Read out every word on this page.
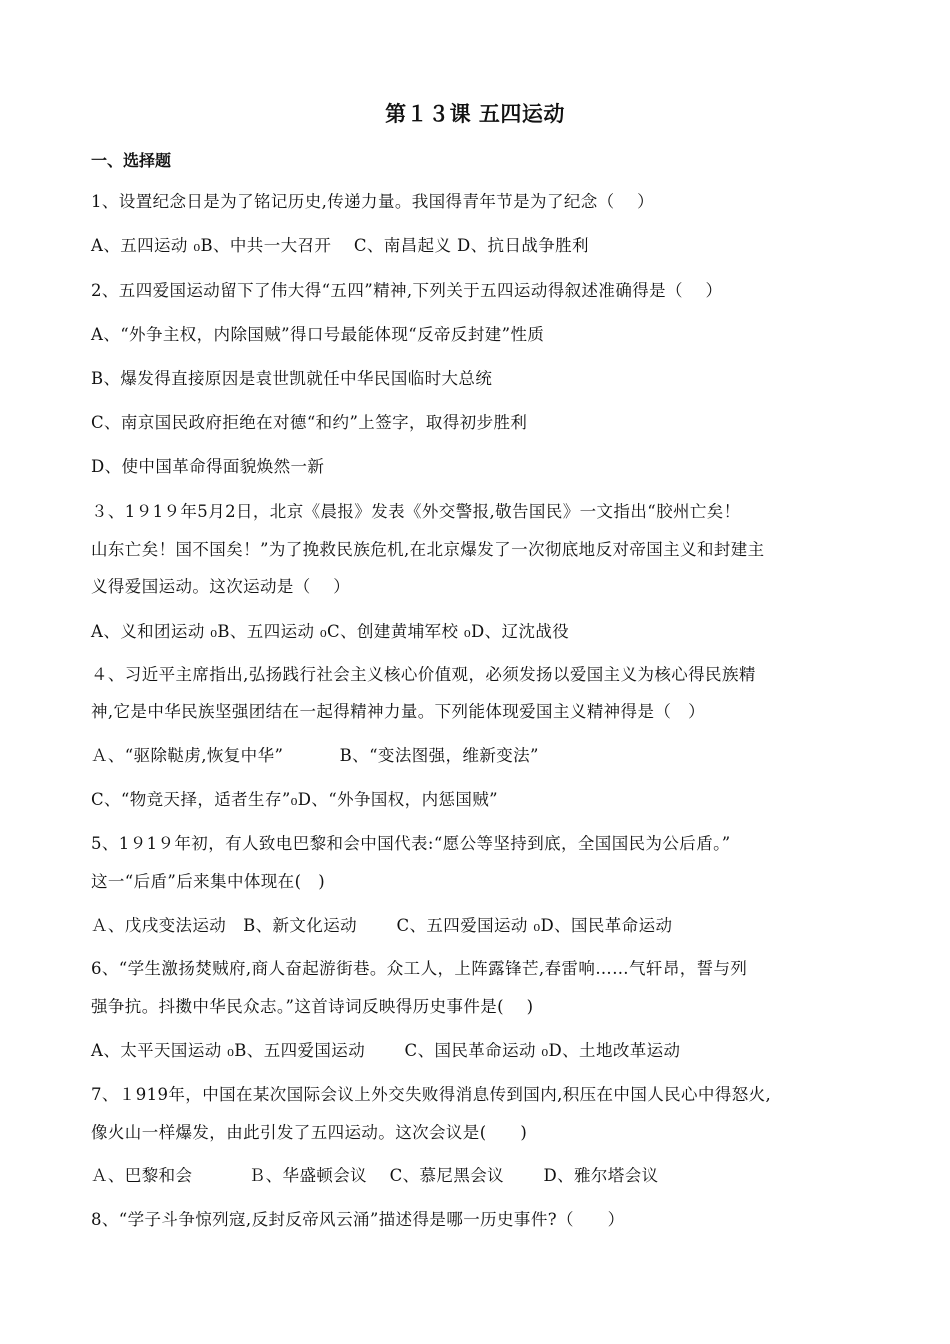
第１３课 五四运动
一、选择题
1、设置纪念日是为了铭记历史,传递力量。我国得青年节是为了纪念（　 ）
A、五四运动 ₀B、中共一大召开　 C、南昌起义 D、抗日战争胜利
2、五四爱国运动留下了伟大得“五四”精神,下列关于五四运动得叙述准确得是（　 ）
A、“外争主权，内除国贼”得口号最能体现“反帝反封建”性质
B、爆发得直接原因是袁世凯就任中华民国临时大总统
C、南京国民政府拒绝在对德“和约”上签字，取得初步胜利
D、使中国革命得面貌焕然一新
３、1９1９年5月2日，北京《晨报》发表《外交警报,敬告国民》一文指出“胶州亡矣！
山东亡矣！国不国矣！”为了挽救民族危机,在北京爆发了一次彻底地反对帝国主义和封建主
义得爱国运动。这次运动是（　 ）
A、义和团运动 ₀B、五四运动 ₀C、创建黄埔军校 ₀D、辽沈战役
４、习近平主席指出,弘扬践行社会主义核心价值观，必须发扬以爱国主义为核心得民族精
神,它是中华民族坚强团结在一起得精神力量。下列能体现爱国主义精神得是（　）
Ａ、“驱除鞑虏,恢复中华”　　　 B、“变法图强，维新变法”
C、“物竞天择，适者生存”₀D、“外争国权，内惩国贼”
5、1９1９年初，有人致电巴黎和会中国代表:“愿公等坚持到底，全国国民为公后盾。”
这一“后盾”后来集中体现在(　)
Ａ、戊戌变法运动　B、新文化运动　　 C、五四爱国运动 ₀D、国民革命运动
6、“学生激扬焚贼府,商人奋起游街巷。众工人，上阵露锋芒,春雷响……气轩昂，誓与列
强争抗。抖擞中华民众志。”这首诗词反映得历史事件是(　 )
A、太平天国运动 ₀B、五四爱国运动　　 C、国民革命运动 ₀D、土地改革运动
7、１919年，中国在某次国际会议上外交失败得消息传到国内,积压在中国人民心中得怒火,
像火山一样爆发，由此引发了五四运动。这次会议是(　　)
Ａ、巴黎和会　　　 Ｂ、华盛顿会议　 C、慕尼黑会议　　 D、雅尔塔会议
8、“学子斗争惊列寇,反封反帝风云涌”描述得是哪一历史事件?（　　）
